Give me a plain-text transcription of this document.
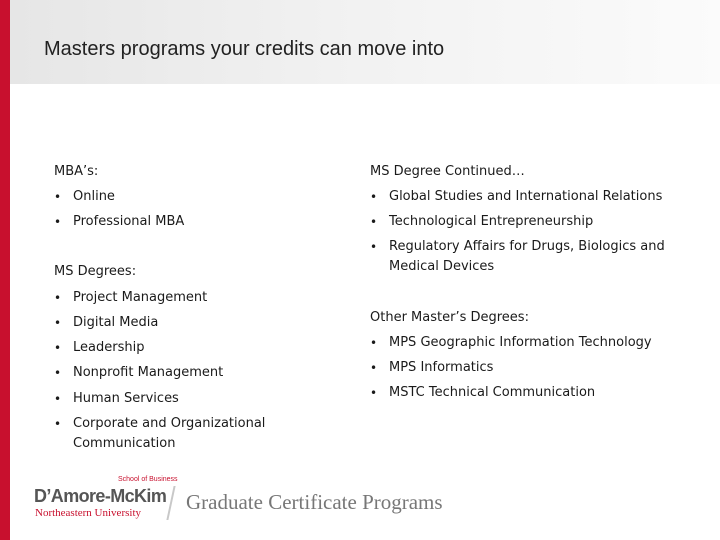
Masters programs your credits can move into
MBA’s:
• Online
• Professional MBA
MS Degrees:
• Project Management
• Digital Media
• Leadership
• Nonprofit Management
• Human Services
• Corporate and Organizational Communication
MS Degree Continued…
• Global Studies and International Relations
• Technological Entrepreneurship
• Regulatory Affairs for Drugs, Biologics and Medical Devices
Other Master’s Degrees:
• MPS Geographic Information Technology
• MPS Informatics
• MSTC Technical Communication
School of Business
D’Amore-McKim
Northeastern University Graduate Certificate Programs
